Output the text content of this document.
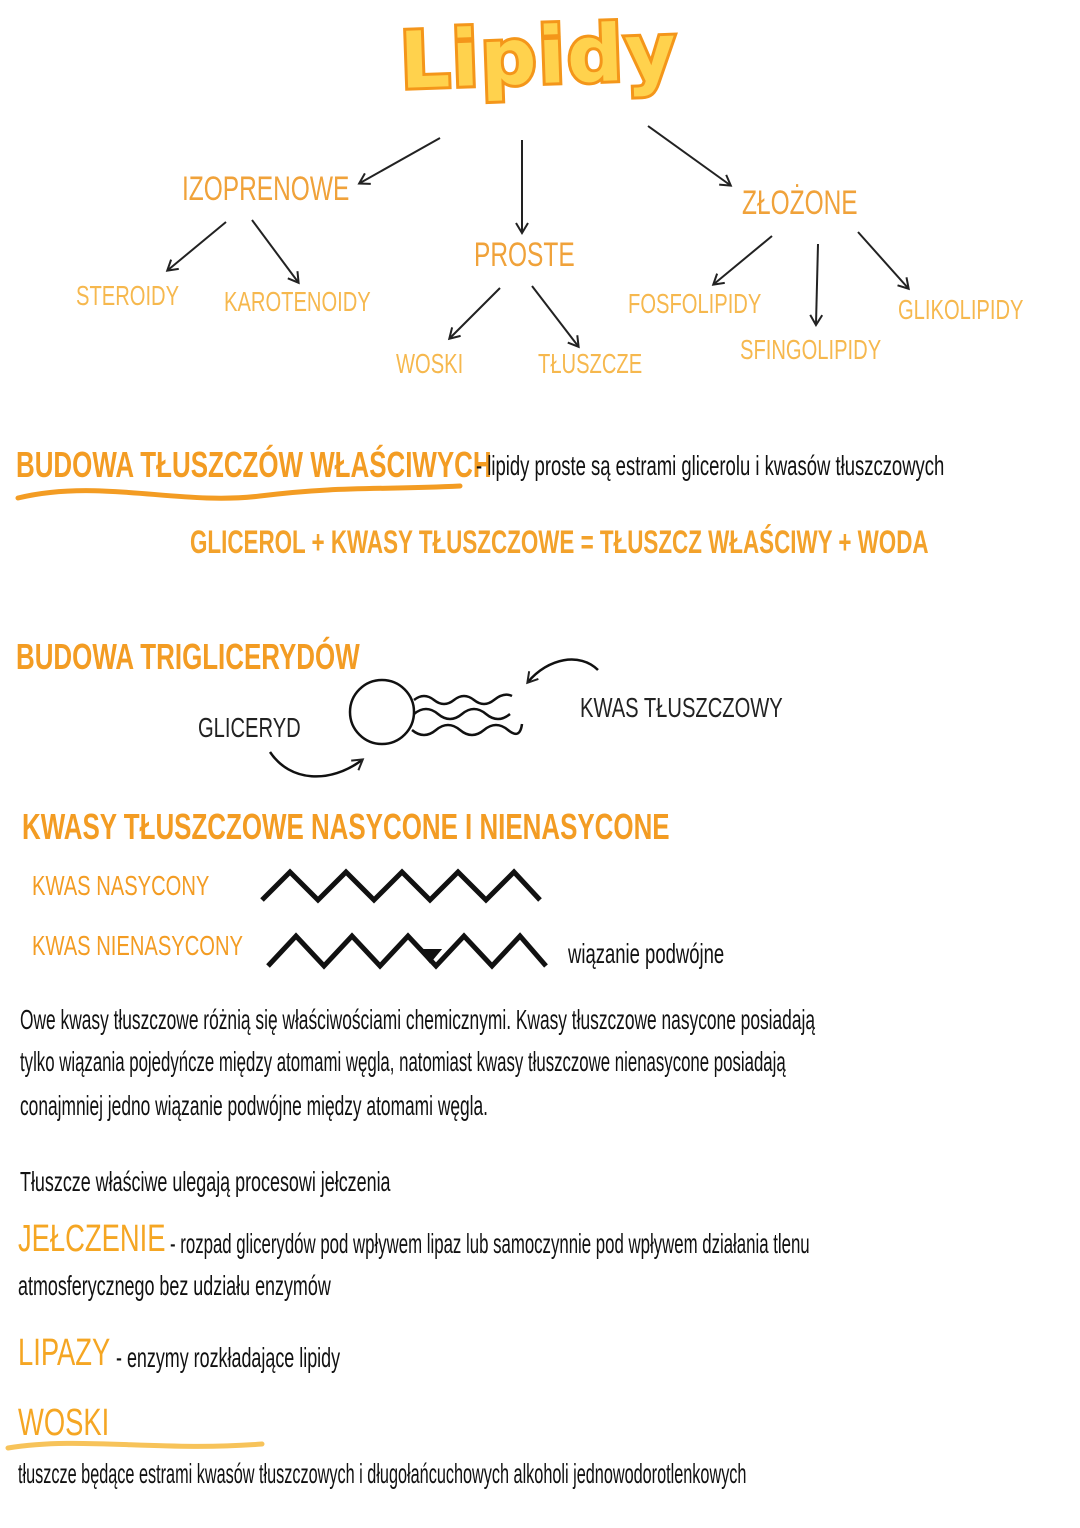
Lipidy
IZOPRENOWE
PROSTE
ZŁOŻONE
STEROIDY	KAROTENOIDY
WOSKI	TŁUSZCZE
FOSFOLIPIDY
SFINGOLIPIDY
GLIKOLIPIDY
BUDOWA TŁUSZCZÓW WŁAŚCIWYCH
- lipidy proste są estrami glicerolu i kwasów tłuszczowych
GLICEROL + KWASY TŁUSZCZOWE = TŁUSZCZ WŁAŚCIWY + WODA
BUDOWA TRIGLICERYDÓW
GLICERYD
KWAS TŁUSZCZOWY
KWASY TŁUSZCZOWE NASYCONE I NIENASYCONE
KWAS NASYCONY
KWAS NIENASYCONY	wiązanie podwójne
Owe kwasy tłuszczowe różnią się właściwościami chemicznymi. Kwasy tłuszczowe nasycone posiadają
tylko wiązania pojedyńcze między atomami węgla, natomiast kwasy tłuszczowe nienasycone posiadają
conajmniej jedno wiązanie podwójne między atomami węgla.
Tłuszcze właściwe ulegają procesowi jełczenia
JEŁCZENIE - rozpad glicerydów pod wpływem lipaz lub samoczynnie pod wpływem działania tlenu
atmosferycznego bez udziału enzymów
LIPAZY - enzymy rozkładające lipidy
WOSKI
tłuszcze będące estrami kwasów tłuszczowych i długołańcuchowych alkoholi jednowodorotlenkowych
